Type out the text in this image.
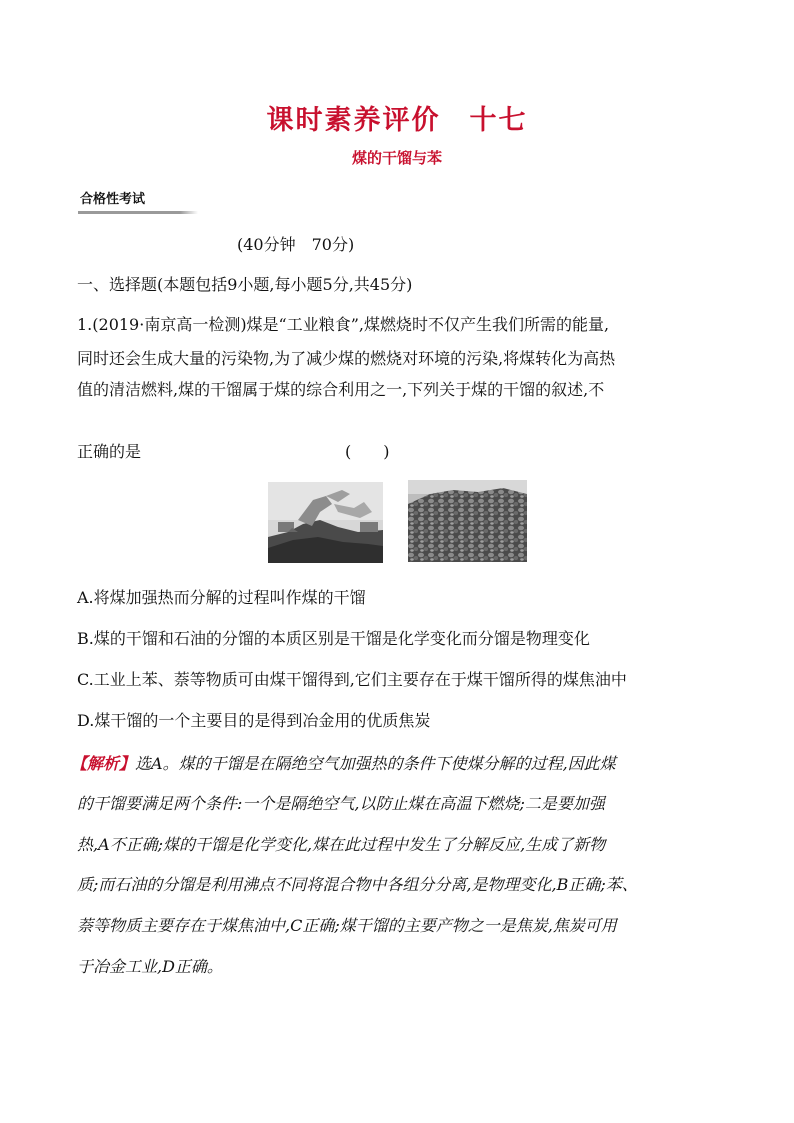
课时素养评价　十七
煤的干馏与苯
合格性考试
(40分钟　70分)
一、选择题(本题包括9小题,每小题5分,共45分)
1.(2019·南京高一检测)煤是“工业粮食”,煤燃烧时不仅产生我们所需的能量,
同时还会生成大量的污染物,为了减少煤的燃烧对环境的污染,将煤转化为高热
值的清洁燃料,煤的干馏属于煤的综合利用之一,下列关于煤的干馏的叙述,不
正确的是	(　　)
A.将煤加强热而分解的过程叫作煤的干馏
B.煤的干馏和石油的分馏的本质区别是干馏是化学变化而分馏是物理变化
C.工业上苯、萘等物质可由煤干馏得到,它们主要存在于煤干馏所得的煤焦油中
D.煤干馏的一个主要目的是得到冶金用的优质焦炭
【解析】选A。煤的干馏是在隔绝空气加强热的条件下使煤分解的过程,因此煤
的干馏要满足两个条件:一个是隔绝空气,以防止煤在高温下燃烧;二是要加强
热,A不正确;煤的干馏是化学变化,煤在此过程中发生了分解反应,生成了新物
质;而石油的分馏是利用沸点不同将混合物中各组分分离,是物理变化,B正确;苯、
萘等物质主要存在于煤焦油中,C正确;煤干馏的主要产物之一是焦炭,焦炭可用
于冶金工业,D正确。
